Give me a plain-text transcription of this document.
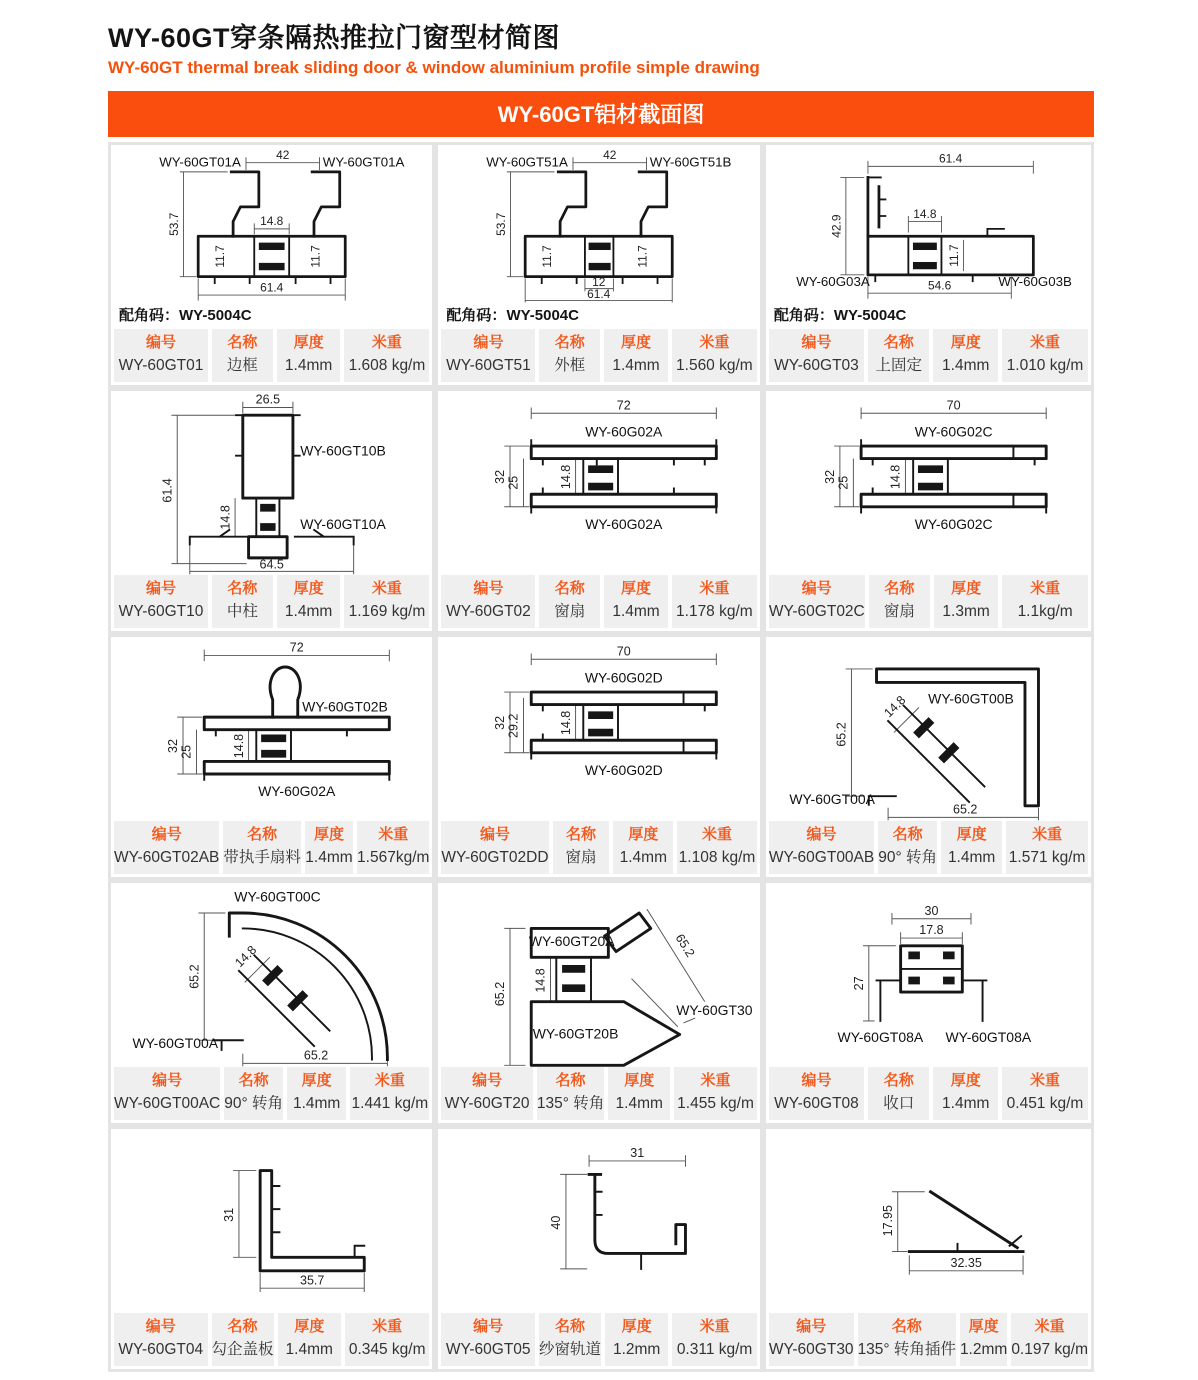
WY-60GT穿条隔热推拉门窗型材简图
WY-60GT thermal break sliding door & window aluminium profile simple drawing
WY-60GT铝材截面图
42
53.7	14.8
11.7	11.7
61.4
WY-60GT01A	WY-60GT01A
配角码：WY-5004C
编号
WY-60GT01
名称
边框
厚度
1.4mm
米重
1.608 kg/m
42
53.7
11.7	11.7
12
61.4
WY-60GT51A	WY-60GT51B
配角码：WY-5004C
编号
WY-60GT51
名称
外框
厚度
1.4mm
米重
1.560 kg/m
61.4
42.9
14.8
11.7
54.6
WY-60G03A	WY-60G03B
配角码：WY-5004C
编号
WY-60GT03
名称
上固定
厚度
1.4mm
米重
1.010 kg/m
26.5
61.4
14.8
64.5
WY-60GT10B
WY-60GT10A
编号
WY-60GT10
名称
中柱
厚度
1.4mm
米重
1.169 kg/m
72
32 25	14.8
WY-60G02A
WY-60G02A
编号
WY-60GT02
名称
窗扇
厚度
1.4mm
米重
1.178 kg/m
70
32 25	14.8
WY-60G02C
WY-60G02C
编号
WY-60GT02C
名称
窗扇
厚度
1.3mm
米重
1.1kg/m
72
32 25	14.8
WY-60GT02B
WY-60G02A
编号
WY-60GT02AB
名称
带执手扇料
厚度
1.4mm
米重
1.567kg/m
70
32 29.2	14.8
WY-60G02D
WY-60G02D
编号
WY-60GT02DD
名称
窗扇
厚度
1.4mm
米重
1.108 kg/m
65.2
14.8
65.2
WY-60GT00B
WY-60GT00A
编号
WY-60GT00AB
名称
90° 转角
厚度
1.4mm
米重
1.571 kg/m
65.2
14.8
65.2
WY-60GT00C
WY-60GT00A
编号
WY-60GT00AC
名称
90° 转角
厚度
1.4mm
米重
1.441 kg/m
65.2
65.2
14.8
WY-60GT20A
WY-60GT20B
WY-60GT30
编号
WY-60GT20
名称
135° 转角
厚度
1.4mm
米重
1.455 kg/m
30
17.8
27
WY-60GT08A WY-60GT08A
编号
WY-60GT08
名称
收口
厚度
1.4mm
米重
0.451 kg/m
31
35.7
编号
WY-60GT04
名称
勾企盖板
厚度
1.4mm
米重
0.345 kg/m
31
40
编号
WY-60GT05
名称
纱窗轨道
厚度
1.2mm
米重
0.311 kg/m
17.95
32.35
编号
WY-60GT30
名称
135° 转角插件
厚度
1.2mm
米重
0.197 kg/m
